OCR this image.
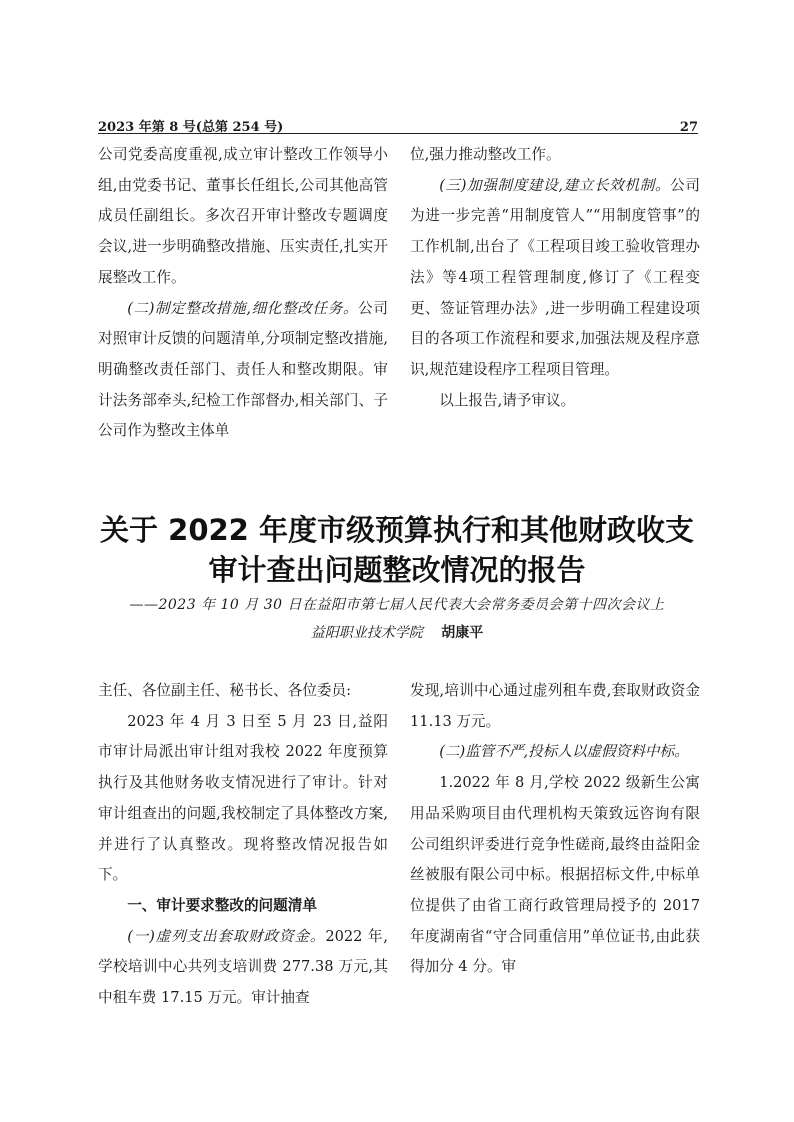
2023 年第 8 号(总第 254 号)	27

公司党委高度重视,成立审计整改工作领导小组,由党委书记、董事长任组长,公司其他高管成员任副组长。多次召开审计整改专题调度会议,进一步明确整改措施、压实责任,扎实开展整改工作。

(二)制定整改措施,细化整改任务。公司对照审计反馈的问题清单,分项制定整改措施,明确整改责任部门、责任人和整改期限。审计法务部牵头,纪检工作部督办,相关部门、子公司作为整改主体单

位,强力推动整改工作。

(三)加强制度建设,建立长效机制。公司为进一步完善“用制度管人”“用制度管事”的工作机制,出台了《工程项目竣工验收管理办法》等4项工程管理制度,修订了《工程变更、签证管理办法》,进一步明确工程建设项目的各项工作流程和要求,加强法规及程序意识,规范建设程序工程项目管理。

以上报告,请予审议。

关于 2022 年度市级预算执行和其他财政收支
审计查出问题整改情况的报告
——2023 年 10 月 30 日在益阳市第七届人民代表大会常务委员会第十四次会议上
益阳职业技术学院 胡康平

主任、各位副主任、秘书长、各位委员:

2023 年 4 月 3 日至 5 月 23 日,益阳市审计局派出审计组对我校 2022 年度预算执行及其他财务收支情况进行了审计。针对审计组查出的问题,我校制定了具体整改方案,并进行了认真整改。现将整改情况报告如下。

一、审计要求整改的问题清单

(一)虚列支出套取财政资金。2022 年,学校培训中心共列支培训费 277.38 万元,其中租车费 17.15 万元。审计抽查

发现,培训中心通过虚列租车费,套取财政资金 11.13 万元。

(二)监管不严,投标人以虚假资料中标。

1.2022 年 8 月,学校 2022 级新生公寓用品采购项目由代理机构天策致远咨询有限公司组织评委进行竞争性磋商,最终由益阳金丝被服有限公司中标。根据招标文件,中标单位提供了由省工商行政管理局授予的 2017 年度湖南省“守合同重信用”单位证书,由此获得加分 4 分。审
